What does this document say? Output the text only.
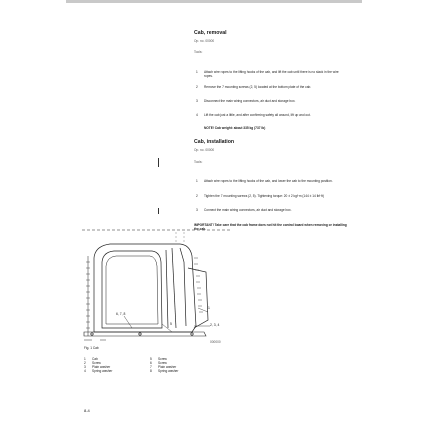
Cab, removal
Op. no. 00000
Tools:
1	Attach wire ropes to the lifting hooks of the cab, and lift the cab until there is no slack in the wire ropes.
2	Remove the 7 mounting screws (2, 5) located at the bottom plate of the cab.
3	Disconnect the main wiring connectors, air duct and storage box.
4	Lift the cab just a little, and after confirming safety all around, lift up and out.
NOTE! Cab weight: about 335 kg (737 lb)
Cab, installation
Op. no. 00000
Tools:
1	Attach wire ropes to the lifting hooks of the cab, and lower the cab to the mounting position.
2	Tighten the 7 mounting screws (2, 5). Tightening torque: 20 ± 2 kgf·m (144 ± 14 lbf·ft)
3	Connect the main wiring connectors, air duct and storage box.
IMPORTANT! Take care that the cab frame does not hit the control board when removing or installing the cab.
6, 7, 8
5
1
2, 3, 4
000000
Fig. 1 Cab
1	Cab
2	Screw
3	Plain washer
4	Spring washer
5	Screw
6	Screw
7	Plain washer
8	Spring washer
8-4
